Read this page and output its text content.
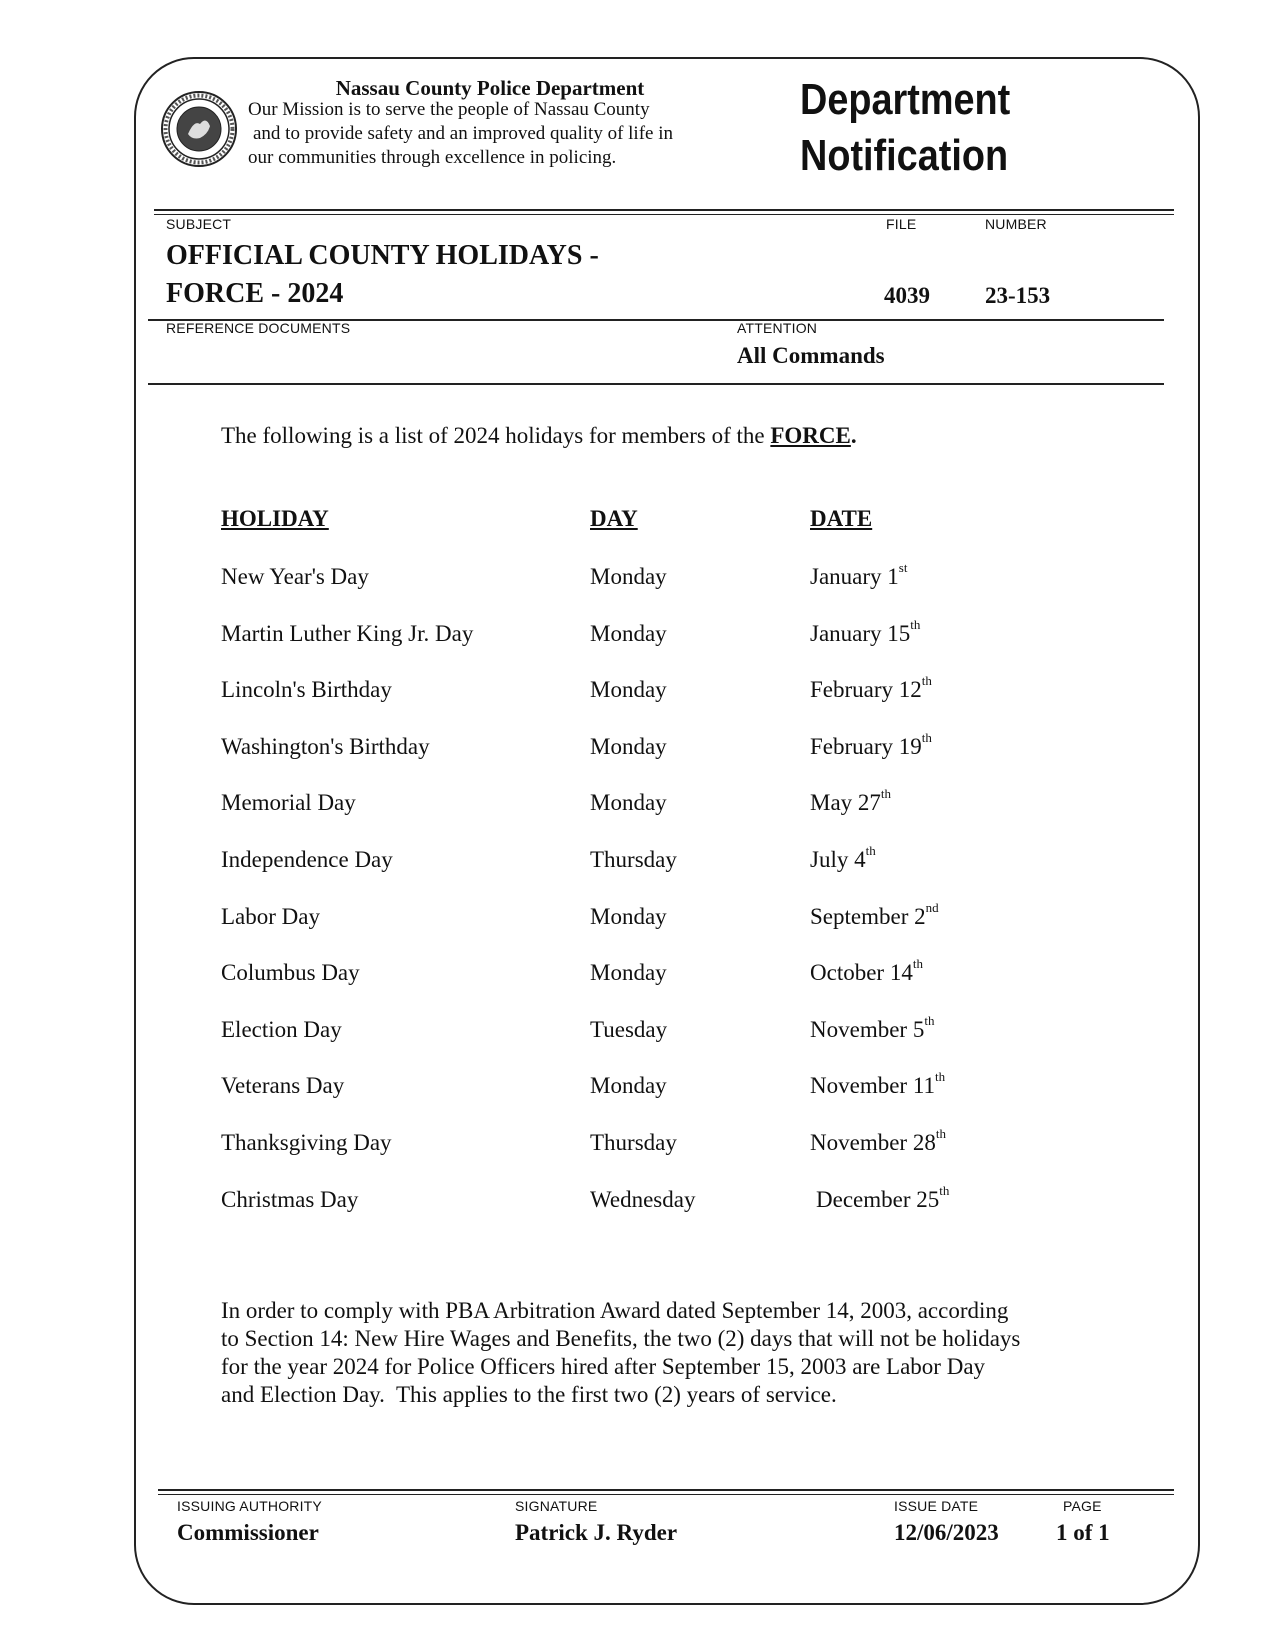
Nassau County Police Department
Our Mission is to serve the people of Nassau County
and to provide safety and an improved quality of life in
our communities through excellence in policing.
Department
Notification
SUBJECT	FILE	NUMBER
OFFICIAL COUNTY HOLIDAYS -
FORCE - 2024	4039 23-153
REFERENCE DOCUMENTS	ATTENTION
All Commands
The following is a list of 2024 holidays for members of the FORCE.
HOLIDAY	DAY	DATE
New Year's Day	Monday	January 1st
Martin Luther King Jr. Day	Monday	January 15th
Lincoln's Birthday	Monday	February 12th
Washington's Birthday	Monday	February 19th
Memorial Day	Monday	May 27th
Independence Day	Thursday	July 4th
Labor Day	Monday	September 2nd
Columbus Day	Monday	October 14th
Election Day	Tuesday	November 5th
Veterans Day	Monday	November 11th
Thanksgiving Day	Thursday	November 28th
Christmas Day	Wednesday	December 25th
In order to comply with PBA Arbitration Award dated September 14, 2003, according
to Section 14: New Hire Wages and Benefits, the two (2) days that will not be holidays
for the year 2024 for Police Officers hired after September 15, 2003 are Labor Day
and Election Day.  This applies to the first two (2) years of service.
ISSUING AUTHORITY	SIGNATURE	ISSUE DATE	PAGE
Commissioner	Patrick J. Ryder	12/06/2023 1 of 1
